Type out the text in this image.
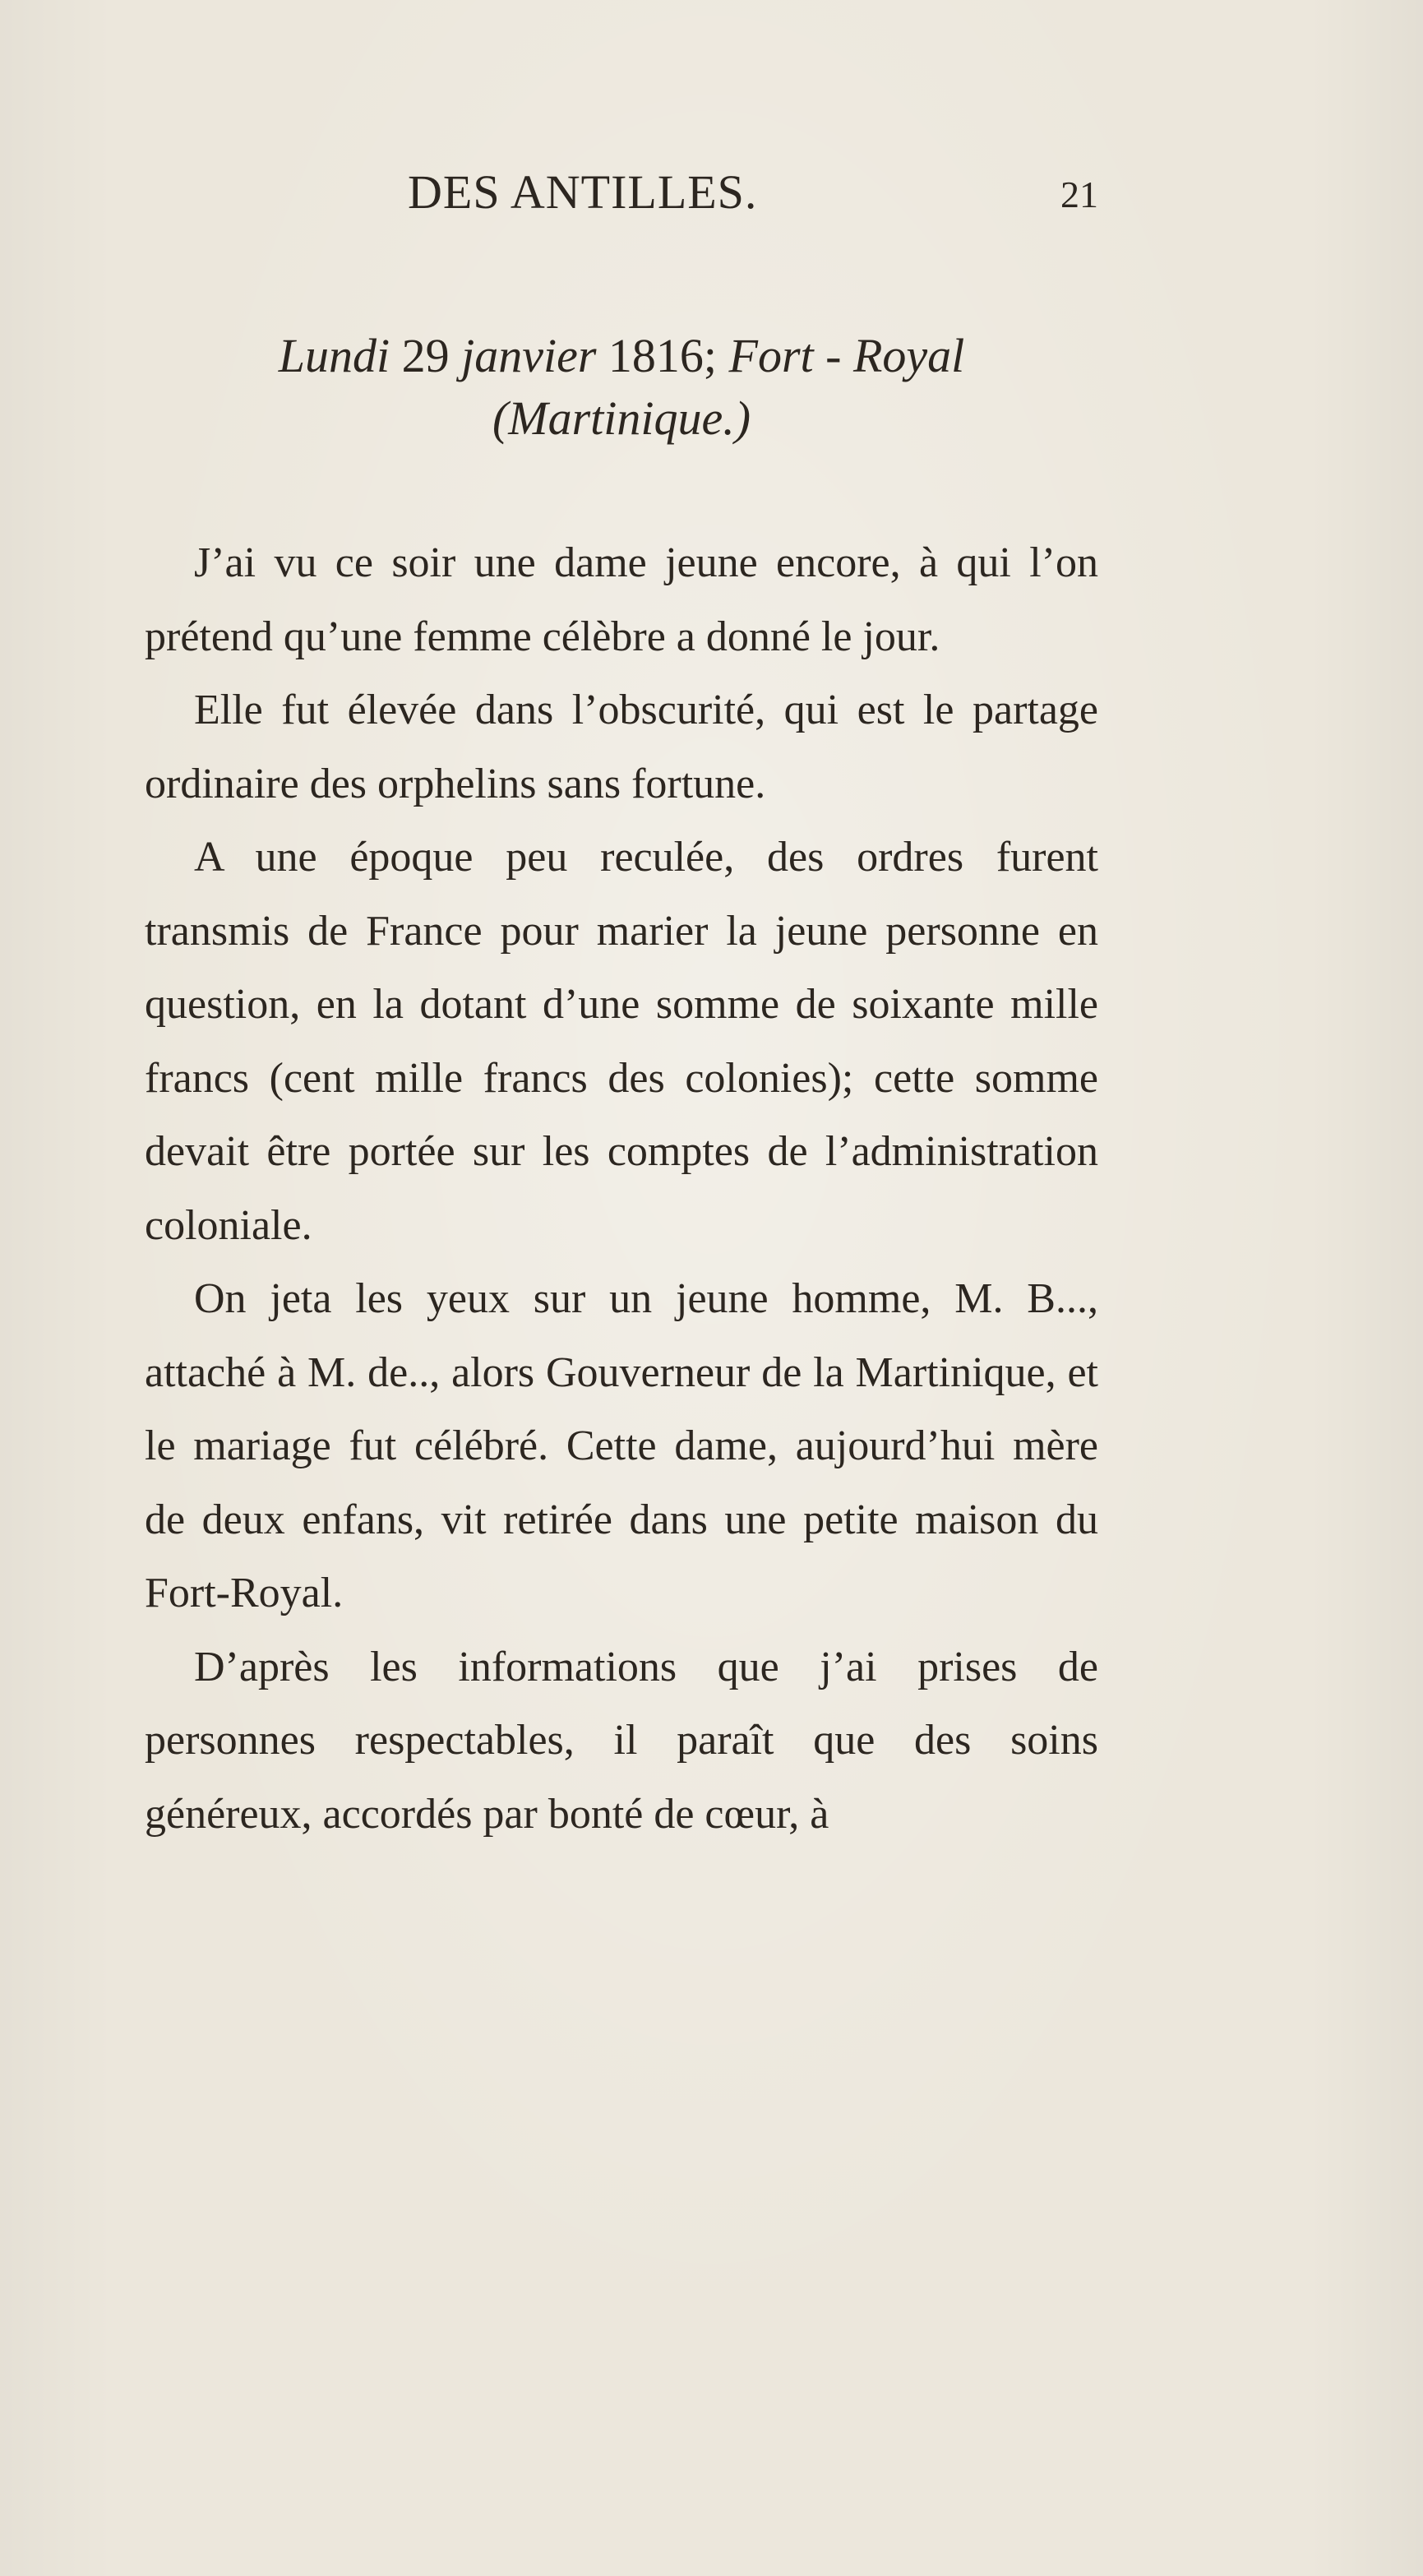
DES ANTILLES.	21
Lundi 29 janvier 1816; Fort - Royal
(Martinique.)

J’ai vu ce soir une dame jeune encore, à qui l’on prétend qu’une femme célèbre a donné le jour.

Elle fut élevée dans l’obscurité, qui est le partage ordinaire des orphelins sans fortune.

A une époque peu reculée, des ordres furent transmis de France pour marier la jeune personne en question, en la dotant d’une somme de soixante mille francs (cent mille francs des colonies); cette somme devait être portée sur les comptes de l’administration coloniale.

On jeta les yeux sur un jeune homme, M. B..., attaché à M. de.., alors Gouverneur de la Martinique, et le mariage fut célébré. Cette dame, aujourd’hui mère de deux enfans, vit retirée dans une petite maison du Fort-Royal.

D’après les informations que j’ai prises de personnes respectables, il paraît que des soins généreux, accordés par bonté de cœur, à
